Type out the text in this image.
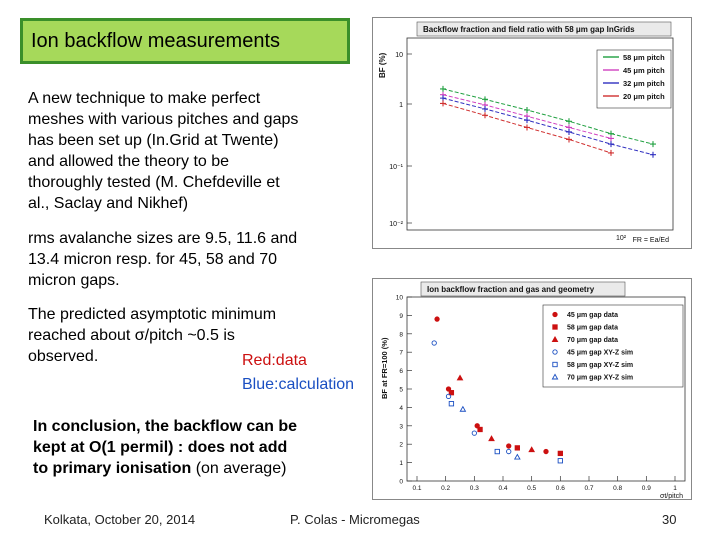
Ion backflow measurements

A new technique to make perfect
meshes with various pitches and gaps
has been set up (In.Grid at Twente)
and allowed the theory to be
thoroughly tested (M. Chefdeville et
al., Saclay and Nikhef)

rms avalanche sizes are 9.5, 11.6 and
13.4 micron resp. for 45, 58 and 70
micron gaps.

The predicted asymptotic minimum
reached about σ/pitch ~0.5 is
observed.	Red:data
Blue:calculation

In conclusion, the backflow can be
kept at O(1 permil) : does not add
to primary ionisation (on average)

Kolkata, October 20, 2014	P. Colas - Micromegas	30
Backflow fraction and field ratio with 58 μm gap InGrids
BF (%) 10
1
10⁻¹
10⁻²
10² FR = Ea/Ed
58 μm pitch
45 μm pitch
32 μm pitch
20 μm pitch
Ion backflow fraction and gas and geometry
BF at FR=100 (%)
0
1
2
3
4
5
6
7
8
9
10
0.1	0.2	0.3	0.4	0.5	0.6	0.7	0.8	0.9	1
σt/pitch
45 μm gap data
58 μm gap data
70 μm gap data
45 μm gap XY-Z sim
58 μm gap XY-Z sim
70 μm gap XY-Z sim
